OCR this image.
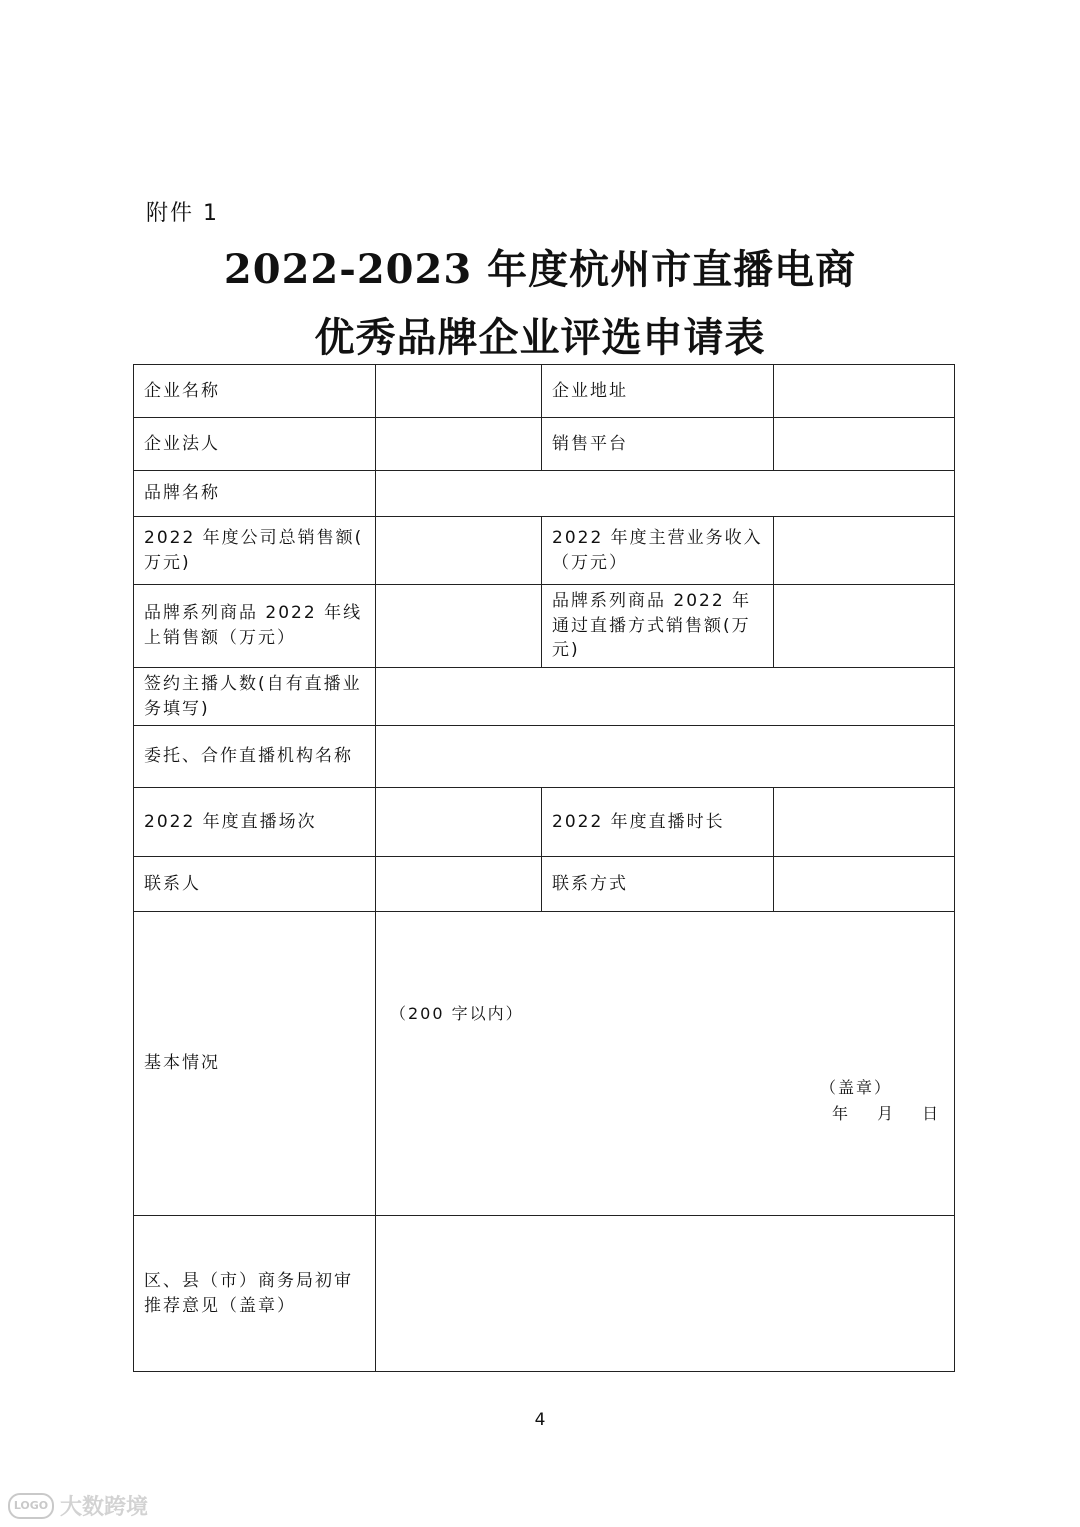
附件 1
2022-2023 年度杭州市直播电商
优秀品牌企业评选申请表
企业名称		企业地址	
企业法人		销售平台	
品牌名称			
2022 年度公司总销售额( 万元)		2022 年度主营业务收入（万元）	
品牌系列商品 2022 年线上销售额（万元）		品牌系列商品 2022 年通过直播方式销售额(万元)	
签约主播人数(自有直播业务填写)			
委托、合作直播机构名称			
2022 年度直播场次		2022 年度直播时长	
联系人		联系方式	
基本情况	（200 字以内）
（盖章）
年 月 日		

区、县（市）商务局初审推荐意见（盖章）			
4
LOGO 大数跨境
